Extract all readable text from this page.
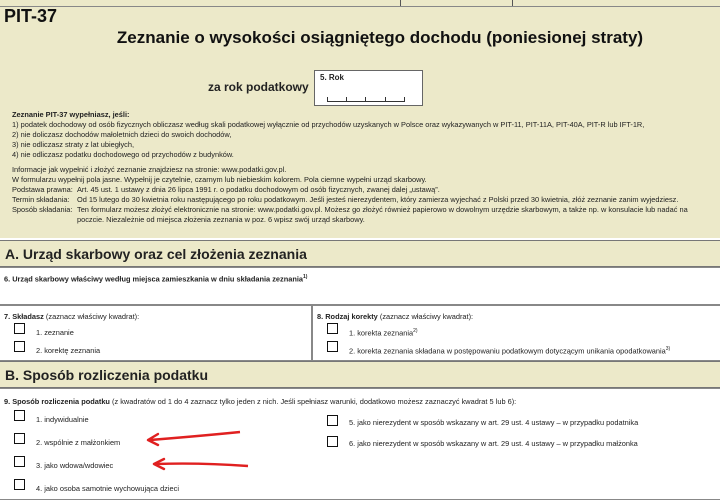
PIT-37
Zeznanie o wysokości osiągniętego dochodu (poniesionej straty)
za rok podatkowy
5. Rok
Zeznanie PIT-37 wypełniasz, jeśli:
1) podatek dochodowy od osób fizycznych obliczasz według skali podatkowej wyłącznie od przychodów uzyskanych w Polsce oraz wykazywanych w PIT-11, PIT-11A, PIT-40A, PIT-R lub IFT-1R,
2) nie doliczasz dochodów małoletnich dzieci do swoich dochodów,
3) nie odliczasz straty z lat ubiegłych,
4) nie odliczasz podatku dochodowego od przychodów z budynków.
Informacje jak wypełnić i złożyć zeznanie znajdziesz na stronie: www.podatki.gov.pl.
W formularzu wypełnij pola jasne. Wypełnij je czytelnie, czarnym lub niebieskim kolorem. Pola ciemne wypełni urząd skarbowy.
Podstawa prawna: Art. 45 ust. 1 ustawy z dnia 26 lipca 1991 r. o podatku dochodowym od osób fizycznych, zwanej dalej „ustawą”.
Termin składania:	Od 15 lutego do 30 kwietnia roku następującego po roku podatkowym. Jeśli jesteś nierezydentem, który zamierza wyjechać z Polski przed 30 kwietnia, złóż zeznanie zanim wyjedziesz.
Sposób składania: Ten formularz możesz złożyć elektronicznie na stronie: www.podatki.gov.pl. Możesz go złożyć również papierowo w dowolnym urzędzie skarbowym, a także np. w konsulacie lub nadać na poczcie. Niezależnie od miejsca złożenia zeznania w poz. 6 wpisz swój urząd skarbowy.
A. Urząd skarbowy oraz cel złożenia zeznania
6. Urząd skarbowy właściwy według miejsca zamieszkania w dniu składania zeznania$^{1)}$
7. Składasz (zaznacz właściwy kwadrat):
1. zeznanie
2. korektę zeznania
8. Rodzaj korekty (zaznacz właściwy kwadrat):
1. korekta zeznania$^{2)}$
2. korekta zeznania składana w postępowaniu podatkowym dotyczącym unikania opodatkowania$^{3)}$
B. Sposób rozliczenia podatku
9. Sposób rozliczenia podatku (z kwadratów od 1 do 4 zaznacz tylko jeden z nich. Jeśli spełniasz warunki, dodatkowo możesz zaznaczyć kwadrat 5 lub 6):
1. indywidualnie
2. wspólnie z małżonkiem
3. jako wdowa/wdowiec
4. jako osoba samotnie wychowująca dzieci
5. jako nierezydent w sposób wskazany w art. 29 ust. 4 ustawy – w przypadku podatnika
6. jako nierezydent w sposób wskazany w art. 29 ust. 4 ustawy – w przypadku małżonka
